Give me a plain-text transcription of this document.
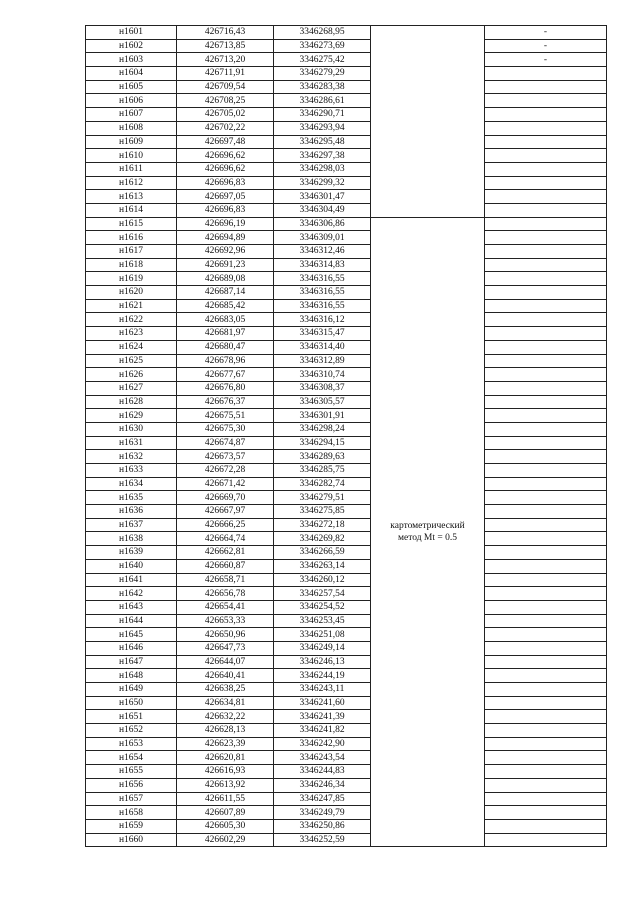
н1601	426716,43	3346268,95		-
н1602	426713,85	3346273,69		-
н1603	426713,20	3346275,42		-
н1604	426711,91	3346279,29		
н1605	426709,54	3346283,38		
н1606	426708,25	3346286,61		
н1607	426705,02	3346290,71		
н1608	426702,22	3346293,94		
н1609	426697,48	3346295,48		
н1610	426696,62	3346297,38		
н1611	426696,62	3346298,03		
н1612	426696,83	3346299,32		
н1613	426697,05	3346301,47		
н1614	426696,83	3346304,49		
н1615	426696,19	3346306,86	картометрический
метод Mt = 0.5	

н1616	426694,89	3346309,01		
н1617	426692,96	3346312,46		
н1618	426691,23	3346314,83		
н1619	426689,08	3346316,55		
н1620	426687,14	3346316,55		
н1621	426685,42	3346316,55		
н1622	426683,05	3346316,12		
н1623	426681,97	3346315,47		
н1624	426680,47	3346314,40		
н1625	426678,96	3346312,89		
н1626	426677,67	3346310,74		
н1627	426676,80	3346308,37		
н1628	426676,37	3346305,57		
н1629	426675,51	3346301,91		
н1630	426675,30	3346298,24		
н1631	426674,87	3346294,15		
н1632	426673,57	3346289,63		
н1633	426672,28	3346285,75		
н1634	426671,42	3346282,74		
н1635	426669,70	3346279,51		
н1636	426667,97	3346275,85		
н1637	426666,25	3346272,18		
н1638	426664,74	3346269,82		
н1639	426662,81	3346266,59		
н1640	426660,87	3346263,14		
н1641	426658,71	3346260,12		
н1642	426656,78	3346257,54		
н1643	426654,41	3346254,52		
н1644	426653,33	3346253,45		
н1645	426650,96	3346251,08		
н1646	426647,73	3346249,14		
н1647	426644,07	3346246,13		
н1648	426640,41	3346244,19		
н1649	426638,25	3346243,11		
н1650	426634,81	3346241,60		
н1651	426632,22	3346241,39		
н1652	426628,13	3346241,82		
н1653	426623,39	3346242,90		
н1654	426620,81	3346243,54		
н1655	426616,93	3346244,83		
н1656	426613,92	3346246,34		
н1657	426611,55	3346247,85		
н1658	426607,89	3346249,79		
н1659	426605,30	3346250,86		
н1660	426602,29	3346252,59		
